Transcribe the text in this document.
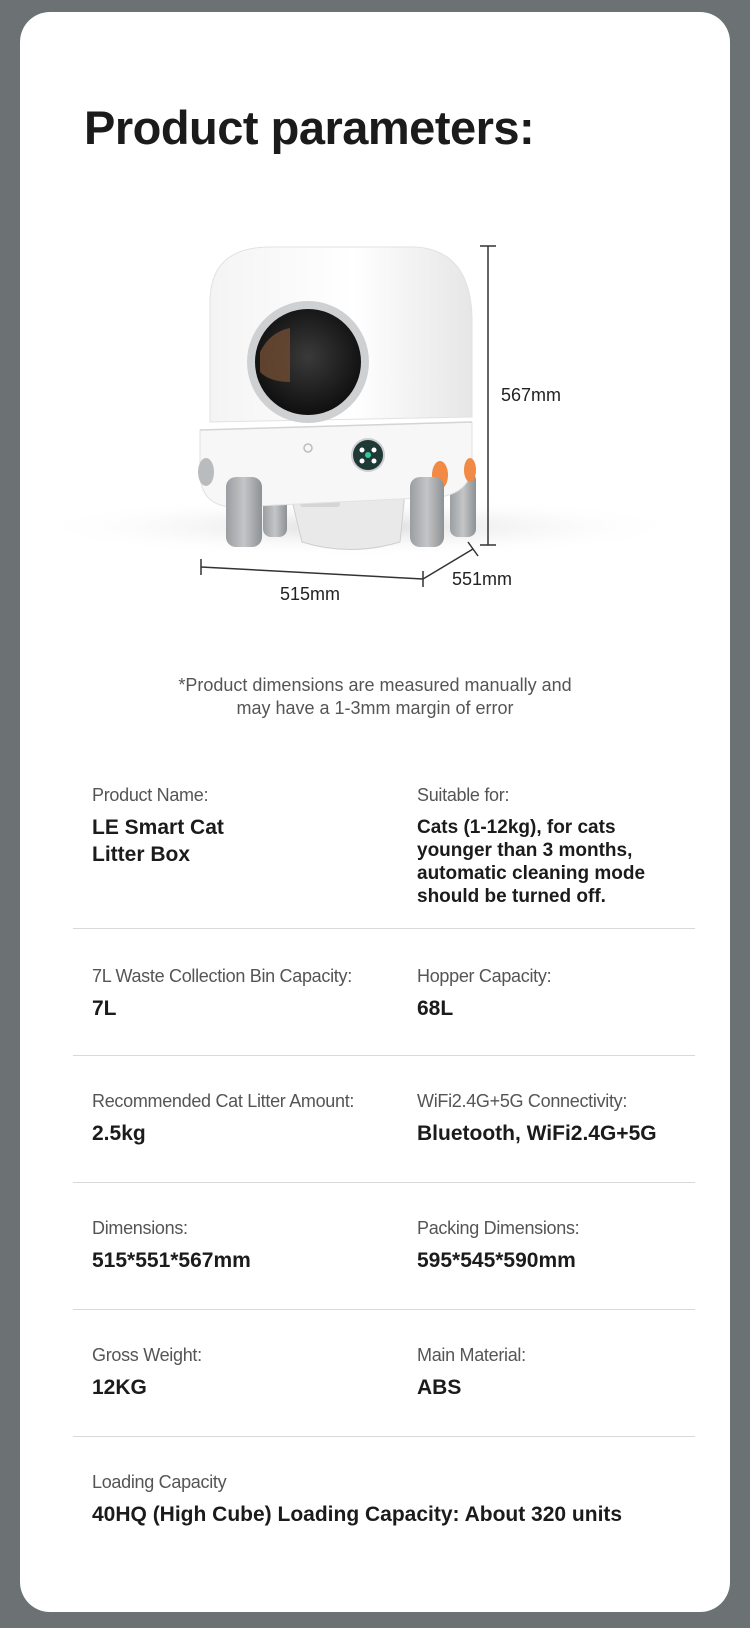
Product parameters:
567mm
515mm
551mm
*Product dimensions are measured manually and
may have a 1-3mm margin of error
Product Name:
LE Smart Cat
Litter Box
Suitable for:
Cats (1-12kg), for cats
younger than 3 months,
automatic cleaning mode
should be turned off.
7L Waste Collection Bin Capacity:
7L
Hopper Capacity:
68L
Recommended Cat Litter Amount:
2.5kg
WiFi2.4G+5G Connectivity:
Bluetooth, WiFi2.4G+5G
Dimensions:
515*551*567mm
Packing Dimensions:
595*545*590mm
Gross Weight:
12KG
Main Material:
ABS
Loading Capacity
40HQ (High Cube) Loading Capacity: About 320 units
